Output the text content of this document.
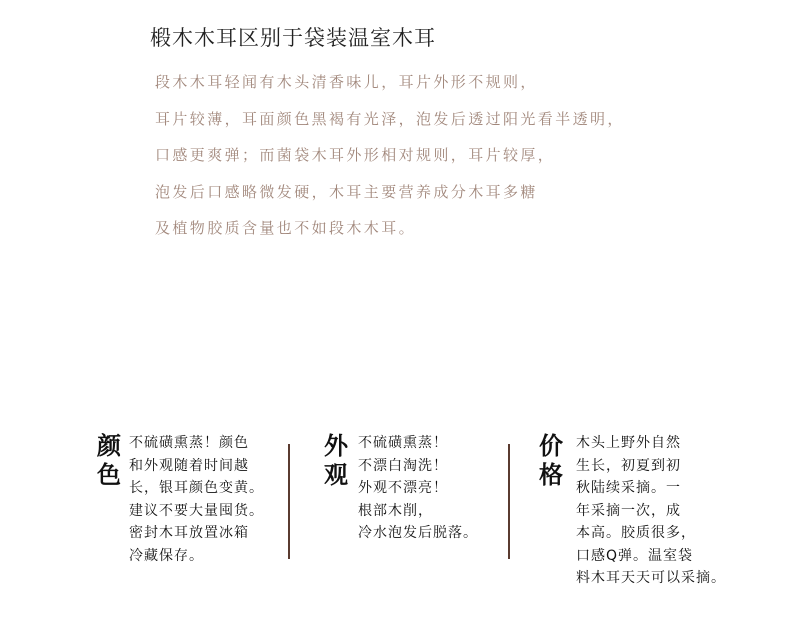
椴木木耳区别于袋装温室木耳
段木木耳轻闻有木头清香味儿，耳片外形不规则，
耳片较薄，耳面颜色黑褐有光泽，泡发后透过阳光看半透明，
口感更爽弹；而菌袋木耳外形相对规则，耳片较厚，
泡发后口感略微发硬，木耳主要营养成分木耳多糖
及植物胶质含量也不如段木木耳。
颜
色
不硫磺熏蒸！颜色
和外观随着时间越
长，银耳颜色变黄。
建议不要大量囤货。
密封木耳放置冰箱
冷藏保存。
外
观
不硫磺熏蒸！
不漂白淘洗！
外观不漂亮！
根部木削，
冷水泡发后脱落。
价
格
木头上野外自然
生长，初夏到初
秋陆续采摘。一
年采摘一次，成
本高。胶质很多，
口感Q弹。温室袋
料木耳天天可以采摘。
